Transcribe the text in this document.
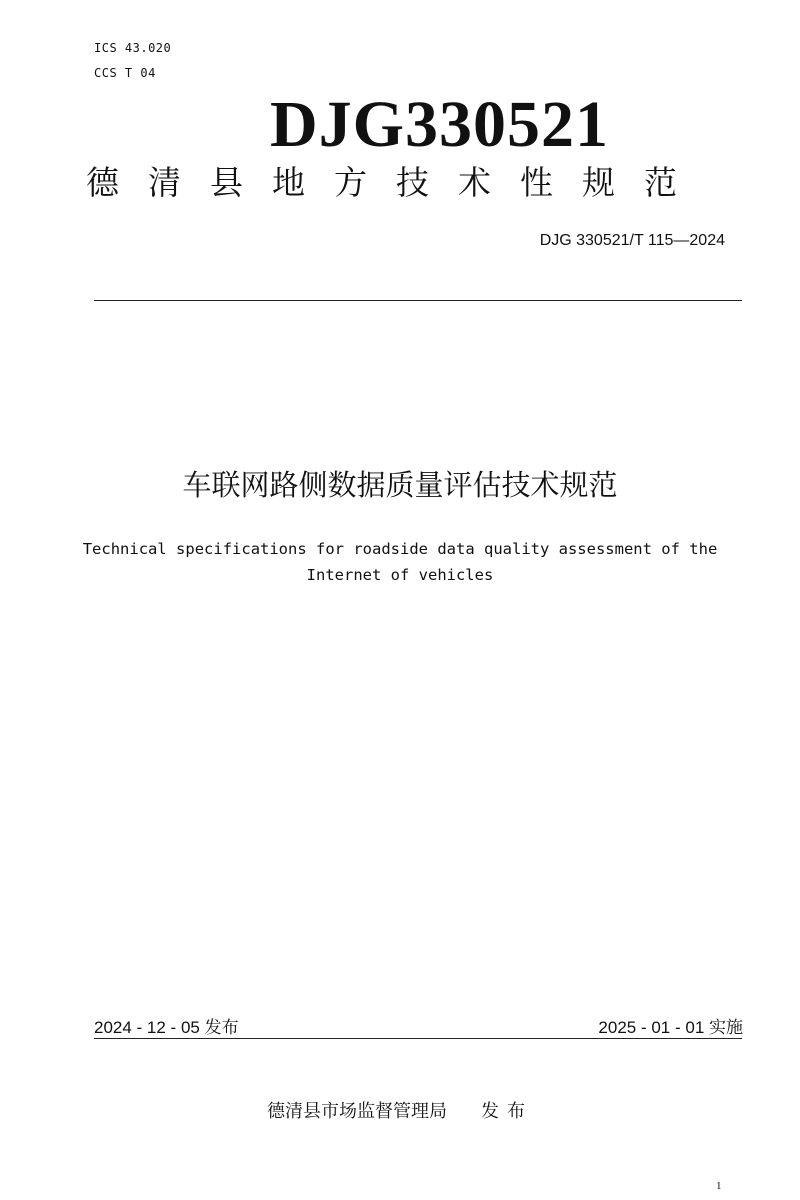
ICS 43.020
CCS T 04
DJG330521
德清县地方技术性规范
DJG 330521/T 115—2024
车联网路侧数据质量评估技术规范
Technical specifications for roadside data quality assessment of the Internet of vehicles
2024 - 12 - 05 发布	2025 - 01 - 01 实施
德清县市场监督管理局 发布
1
